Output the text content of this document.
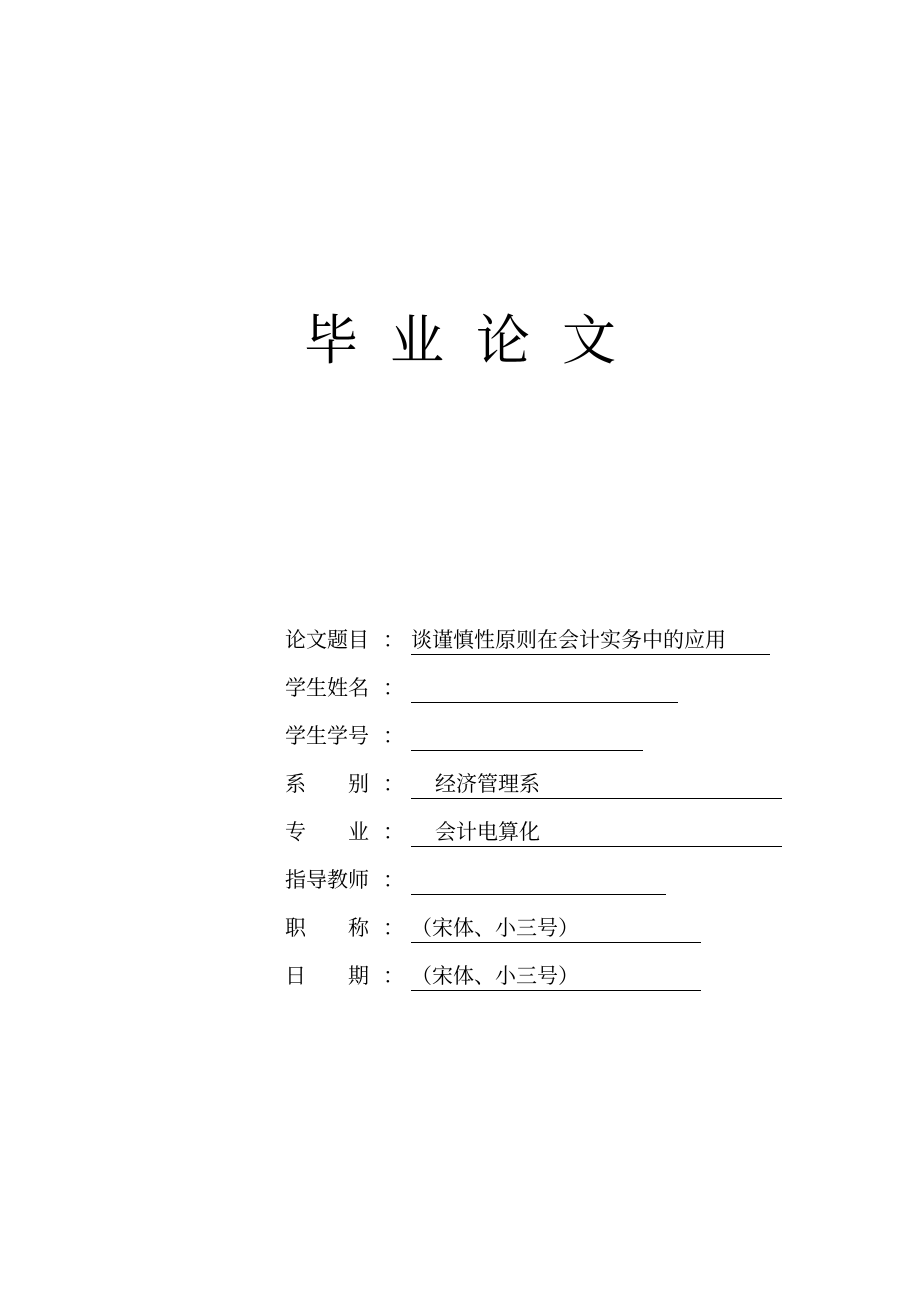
毕业论文
论文题目 ： 谈谨慎性原则在会计实务中的应用
学生姓名 ：
学生学号 ：
系 别 ：	经济管理系
专 业 ：	会计电算化
指导教师 ：
职 称 ： （宋体、小三号）
日 期 ： （宋体、小三号）
